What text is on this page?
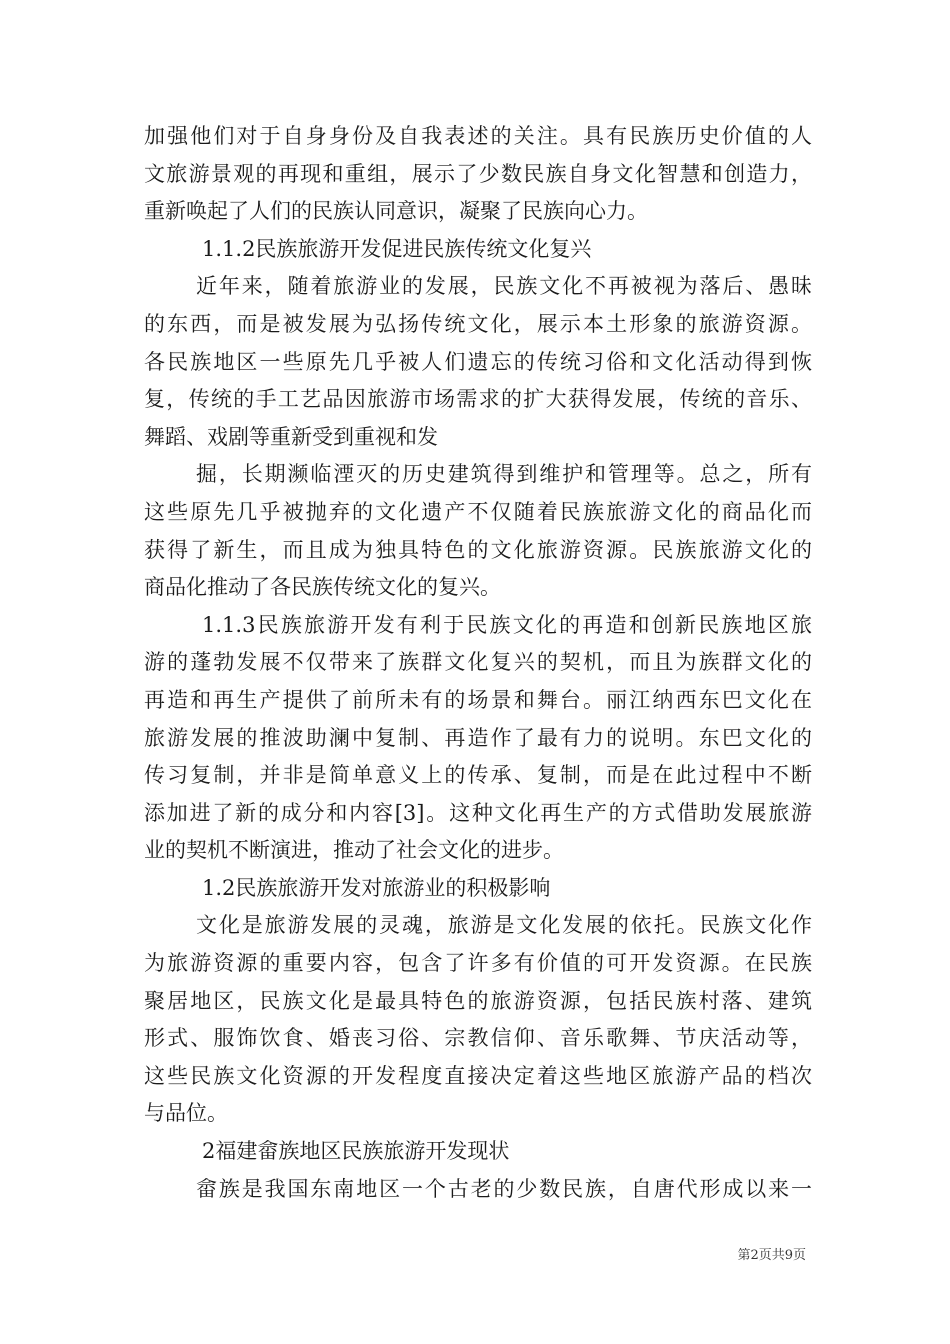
加强他们对于自身身份及自我表述的关注。具有民族历史价值的人
文旅游景观的再现和重组，展示了少数民族自身文化智慧和创造力，
重新唤起了人们的民族认同意识，凝聚了民族向心力。
1.1.2民族旅游开发促进民族传统文化复兴
近年来，随着旅游业的发展，民族文化不再被视为落后、愚昧
的东西，而是被发展为弘扬传统文化，展示本土形象的旅游资源。
各民族地区一些原先几乎被人们遗忘的传统习俗和文化活动得到恢
复，传统的手工艺品因旅游市场需求的扩大获得发展，传统的音乐、
舞蹈、戏剧等重新受到重视和发
掘，长期濒临湮灭的历史建筑得到维护和管理等。总之，所有
这些原先几乎被抛弃的文化遗产不仅随着民族旅游文化的商品化而
获得了新生，而且成为独具特色的文化旅游资源。民族旅游文化的
商品化推动了各民族传统文化的复兴。
1.1.3民族旅游开发有利于民族文化的再造和创新民族地区旅
游的蓬勃发展不仅带来了族群文化复兴的契机，而且为族群文化的
再造和再生产提供了前所未有的场景和舞台。丽江纳西东巴文化在
旅游发展的推波助澜中复制、再造作了最有力的说明。东巴文化的
传习复制，并非是简单意义上的传承、复制，而是在此过程中不断
添加进了新的成分和内容[3]。这种文化再生产的方式借助发展旅游
业的契机不断演进，推动了社会文化的进步。
1.2民族旅游开发对旅游业的积极影响
文化是旅游发展的灵魂，旅游是文化发展的依托。民族文化作
为旅游资源的重要内容，包含了许多有价值的可开发资源。在民族
聚居地区，民族文化是最具特色的旅游资源，包括民族村落、建筑
形式、服饰饮食、婚丧习俗、宗教信仰、音乐歌舞、节庆活动等，
这些民族文化资源的开发程度直接决定着这些地区旅游产品的档次
与品位。
2福建畲族地区民族旅游开发现状
畲族是我国东南地区一个古老的少数民族，自唐代形成以来一
第2页共9页
